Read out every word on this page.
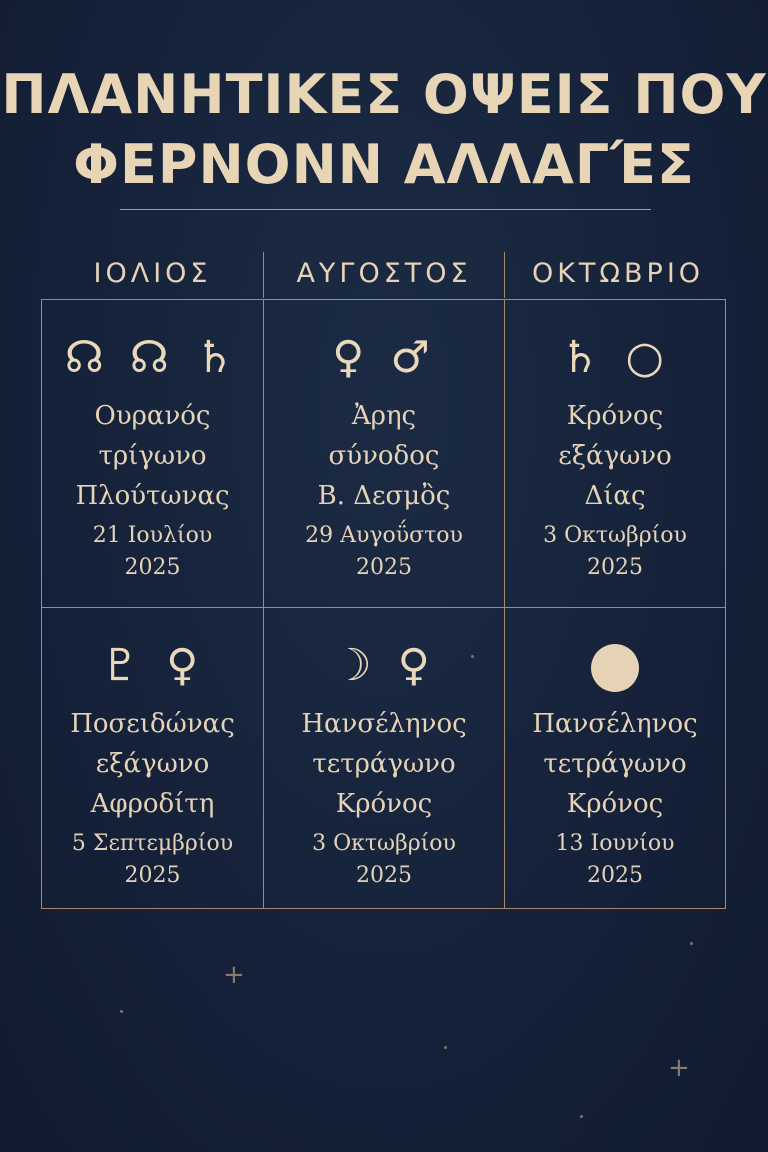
ΠΛΑΝΗΤΙΚΕΣ ΟΨΕΙΣ ΠΟΥ
ΦΕΡΝΟΝΝ ΑΛΛΑΓΈΣ
ΙΟΛΙΟΣ	ΑΥΓΟΣΤΟΣ	ΟΚΤΩΒΡΙΟ
☊ ☊ ♄
Ουρανός
τρίγωνο
Πλούτωνας
21 Ιουλίου
2025
♀ ♂
Ἀρης
σύνοδος
Β. Δεσμὂς
29 Αυγοΰστου
2025
♄ ○
Κρόνος
εξάγωνο
Δίας
3 Οκτωβρίου
2025
♇ ♀
Ποσειδώνας
εξάγωνο
Αφροδίτη
5 Σεπτεμβρίου
2025
☽ ♀
Ηανσέληνος
τετράγωνο
Κρόνος
3 Οκτωβρίου
2025
Πανσέληνος
τετράγωνο
Κρόνος
13 Ιουνίου
2025
+
+
